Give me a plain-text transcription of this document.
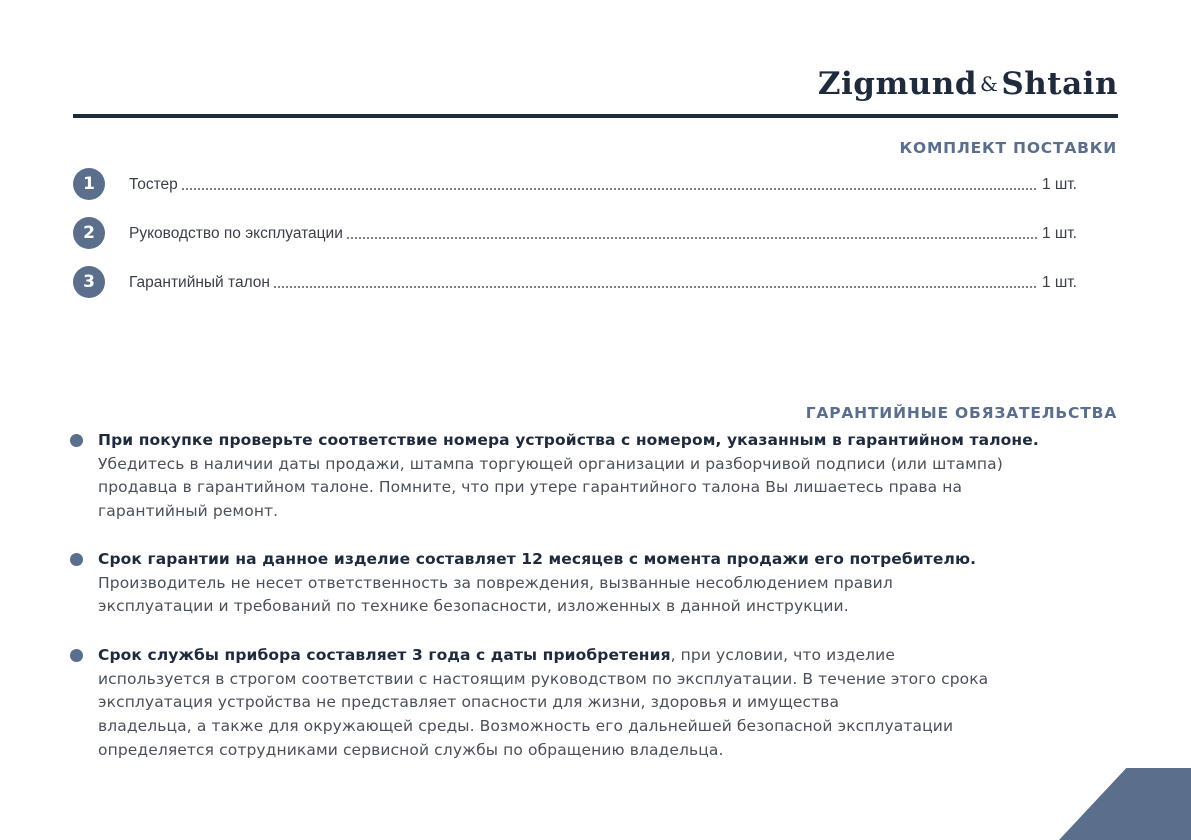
Zigmund &Shtain
КОМПЛЕКТ ПОСТАВКИ
1	Тостер	1 шт.
2	Руководство по эксплуатации	1 шт.
3	Гарантийный талон	1 шт.
ГАРАНТИЙНЫЕ ОБЯЗАТЕЛЬСТВА
При покупке проверьте соответствие номера устройства с номером, указанным в гарантийном талоне.
Убедитесь в наличии даты продажи, штампа торгующей организации и разборчивой подписи (или штампа)
продавца в гарантийном талоне. Помните, что при утере гарантийного талона Вы лишаетесь права на
гарантийный ремонт.
Срок гарантии на данное изделие составляет 12 месяцев с момента продажи его потребителю.
Производитель не несет ответственность за повреждения, вызванные несоблюдением правил
эксплуатации и требований по технике безопасности, изложенных в данной инструкции.
Срок службы прибора составляет 3 года с даты приобретения, при условии, что изделие
используется в строгом соответствии с настоящим руководством по эксплуатации. В течение этого срока
эксплуатация устройства не представляет опасности для жизни, здоровья и имущества
владельца, а также для окружающей среды. Возможность его дальнейшей безопасной эксплуатации
определяется сотрудниками сервисной службы по обращению владельца.
